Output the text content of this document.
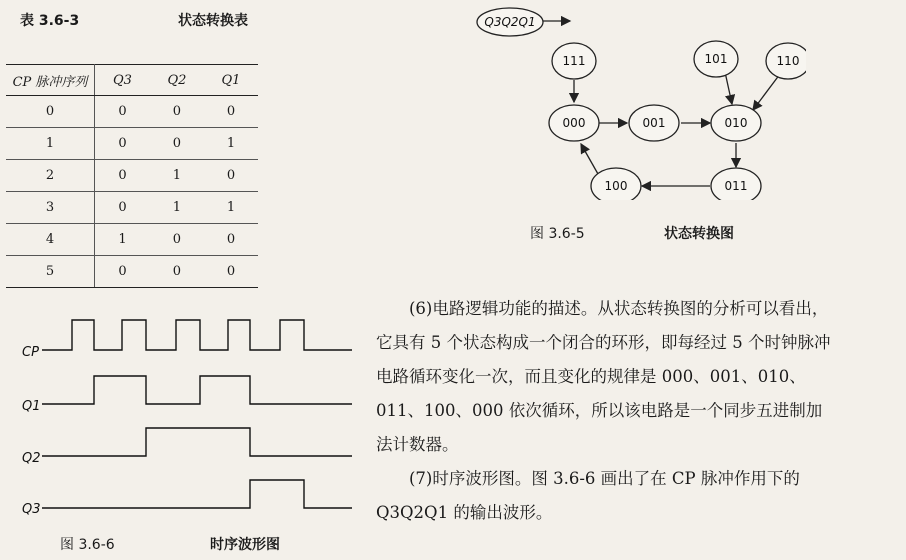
表 3.6-3	状态转换表
CP 脉冲序列	Q3	Q2	Q1
0	0	0	0
1	0	0	1
2	0	1	0
3	0	1	1
4	1	0	0
5	0	0	0
Q3Q2Q1
111
000	001	010
101	110
011
100
图 3.6-5	状态转换图
CP
Q1
Q2
Q3
图 3.6-6	时序波形图
(6)电路逻辑功能的描述。从状态转换图的分析可以看出，它具有 5 个状态构成一个闭合的环形，即每经过 5 个时钟脉冲电路循环变化一次，而且变化的规律是 000、001、010、011、100、000 依次循环，所以该电路是一个同步五进制加法计数器。
(7)时序波形图。图 3.6-6 画出了在 CP 脉冲作用下的 Q3Q2Q1 的输出波形。
